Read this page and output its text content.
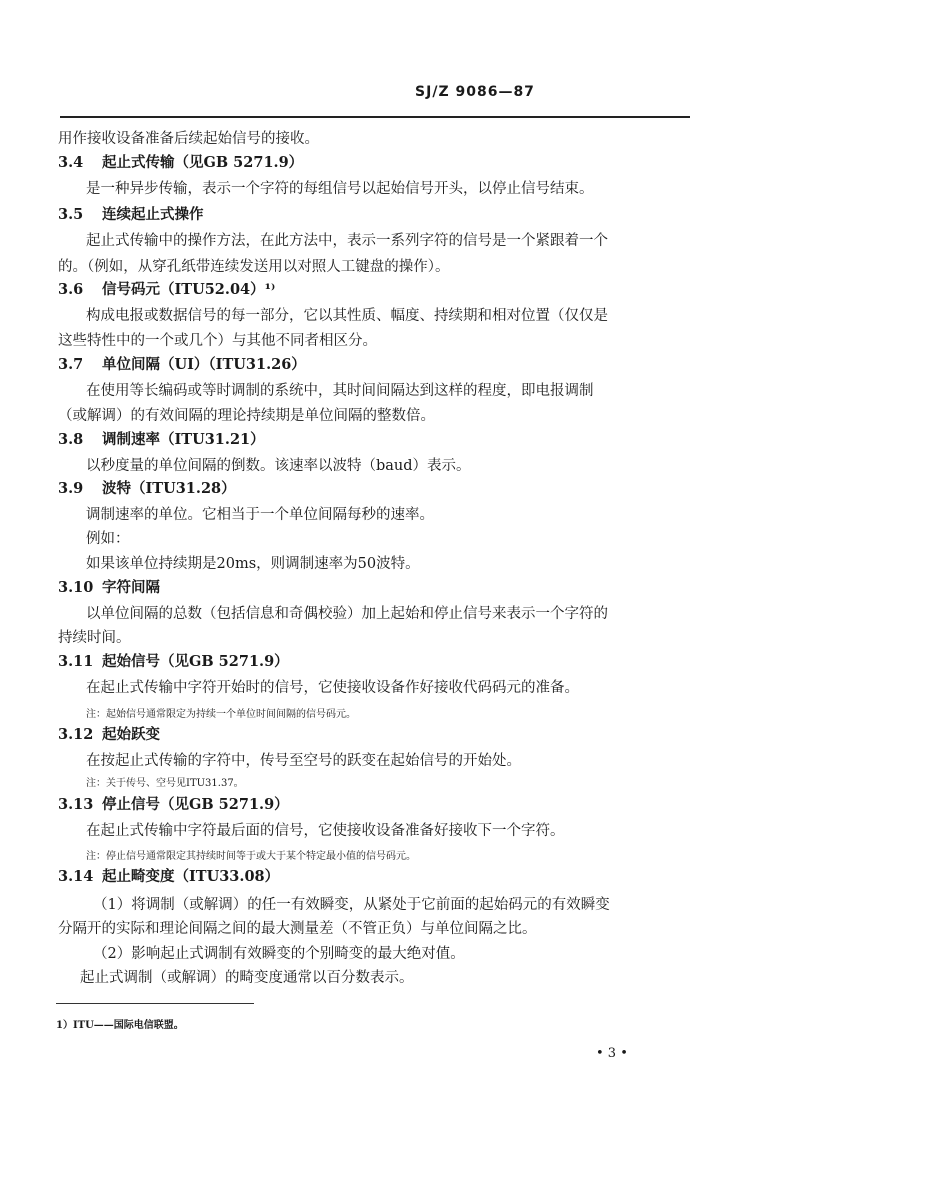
SJ/Z 9086—87
用作接收设备准备后续起始信号的接收。
3.4 起止式传输（见GB 5271.9）
是一种异步传输，表示一个字符的每组信号以起始信号开头，以停止信号结束。
3.5 连续起止式操作
起止式传输中的操作方法，在此方法中，表示一系列字符的信号是一个紧跟着一个
的。（例如，从穿孔纸带连续发送用以对照人工键盘的操作）。
3.6 信号码元（ITU52.04）¹⁾
构成电报或数据信号的每一部分，它以其性质、幅度、持续期和相对位置（仅仅是
这些特性中的一个或几个）与其他不同者相区分。
3.7 单位间隔（UI）（ITU31.26）
在使用等长编码或等时调制的系统中，其时间间隔达到这样的程度，即电报调制
（或解调）的有效间隔的理论持续期是单位间隔的整数倍。
3.8 调制速率（ITU31.21）
以秒度量的单位间隔的倒数。该速率以波特（baud）表示。
3.9 波特（ITU31.28）
调制速率的单位。它相当于一个单位间隔每秒的速率。
例如：
如果该单位持续期是20ms，则调制速率为50波特。
3.10 字符间隔
以单位间隔的总数（包括信息和奇偶校验）加上起始和停止信号来表示一个字符的
持续时间。
3.11 起始信号（见GB 5271.9）
在起止式传输中字符开始时的信号，它使接收设备作好接收代码码元的准备。
注：起始信号通常限定为持续一个单位时间间隔的信号码元。
3.12 起始跃变
在按起止式传输的字符中，传号至空号的跃变在起始信号的开始处。
注：关于传号、空号见ITU31.37。
3.13 停止信号（见GB 5271.9）
在起止式传输中字符最后面的信号，它使接收设备准备好接收下一个字符。
注：停止信号通常限定其持续时间等于或大于某个特定最小值的信号码元。
3.14 起止畸变度（ITU33.08）
（1）将调制（或解调）的任一有效瞬变，从紧处于它前面的起始码元的有效瞬变
分隔开的实际和理论间隔之间的最大测量差（不管正负）与单位间隔之比。
（2）影响起止式调制有效瞬变的个别畸变的最大绝对值。
起止式调制（或解调）的畸变度通常以百分数表示。
1）ITU——国际电信联盟。
• 3 •
